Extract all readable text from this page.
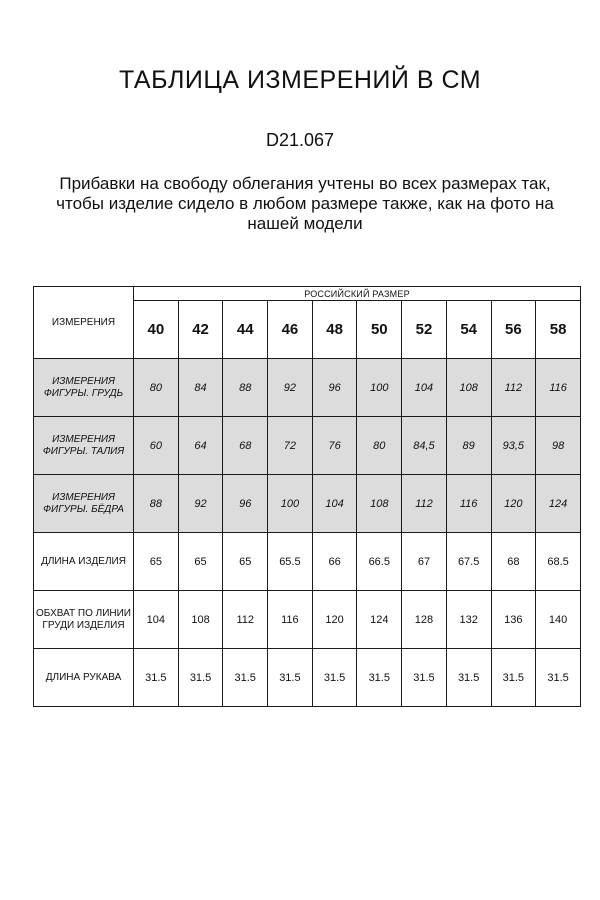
ТАБЛИЦА ИЗМЕРЕНИЙ В СМ
D21.067
Прибавки на свободу облегания учтены во всех размерах так, чтобы изделие сидело в любом размере также, как на фото на нашей модели
ИЗМЕРЕНИЯ	РОССИЙСКИЙ РАЗМЕР									
	40	42	44	46	48	50	52	54	56	58
ИЗМЕРЕНИЯ ФИГУРЫ. ГРУДЬ	80	84	88	92	96	100	104	108	112	116
ИЗМЕРЕНИЯ ФИГУРЫ. ТАЛИЯ	60	64	68	72	76	80	84,5	89	93,5	98
ИЗМЕРЕНИЯ ФИГУРЫ. БЁДРА	88	92	96	100	104	108	112	116	120	124
ДЛИНА ИЗДЕЛИЯ	65	65	65	65.5	66	66.5	67	67.5	68	68.5
ОБХВАТ ПО ЛИНИИ ГРУДИ ИЗДЕЛИЯ	104	108	112	116	120	124	128	132	136	140
ДЛИНА РУКАВА	31.5	31.5	31.5	31.5	31.5	31.5	31.5	31.5	31.5	31.5
